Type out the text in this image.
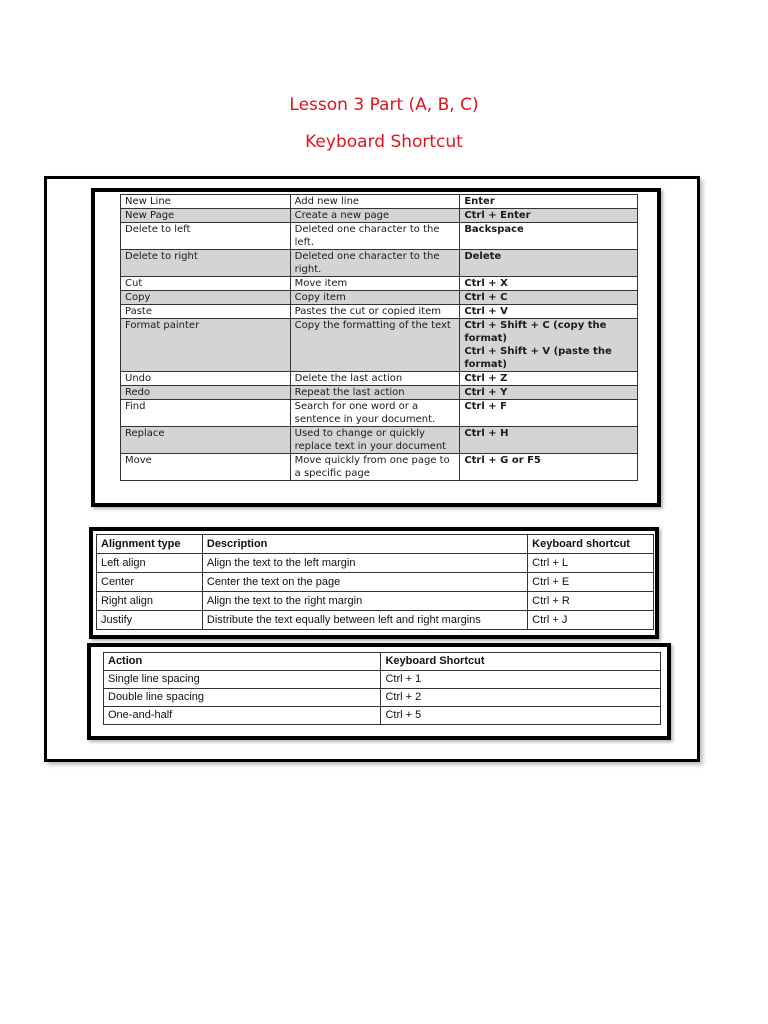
Lesson 3 Part (A, B, C)
Keyboard Shortcut
New Line	Add new line	Enter
New Page	Create a new page	Ctrl + Enter
Delete to left	Deleted one character to the left.	Backspace
Delete to right	Deleted one character to the right.	Delete
Cut	Move item	Ctrl + X
Copy	Copy item	Ctrl + C
Paste	Pastes the cut or copied item	Ctrl + V
Format painter	Copy the formatting of the text	Ctrl + Shift + C (copy the format)
Ctrl + Shift + V (paste the format)
Undo	Delete the last action	Ctrl + Z
Redo	Repeat the last action	Ctrl + Y
Find	Search for one word or a sentence in your document.	Ctrl + F
Replace	Used to change or quickly replace text in your document	Ctrl + H
Move	Move quickly from one page to a specific page	Ctrl + G or F5
Alignment type	Description	Keyboard shortcut
Left align	Align the text to the left margin	Ctrl + L
Center	Center the text on the page	Ctrl + E
Right align	Align the text to the right margin	Ctrl + R
Justify	Distribute the text equally between left and right margins	Ctrl + J
Action	Keyboard Shortcut
Single line spacing	Ctrl + 1
Double line spacing	Ctrl + 2
One-and-half	Ctrl + 5
